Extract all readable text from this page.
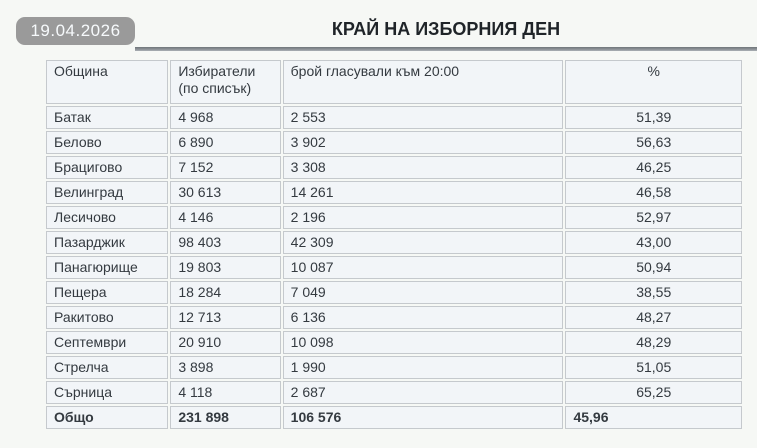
19.04.2026	КРАЙ НА ИЗБОРНИЯ ДЕН
Община	Избиратели (по списък)	брой гласували към 20:00	%
Батак	4 968	2 553	51,39
Белово	6 890	3 902	56,63
Брацигово	7 152	3 308	46,25
Велинград	30 613	14 261	46,58
Лесичово	4 146	2 196	52,97
Пазарджик	98 403	42 309	43,00
Панагюрище	19 803	10 087	50,94
Пещера	18 284	7 049	38,55
Ракитово	12 713	6 136	48,27
Септември	20 910	10 098	48,29
Стрелча	3 898	1 990	51,05
Сърница	4 118	2 687	65,25
Общо	231 898	106 576	45,96
